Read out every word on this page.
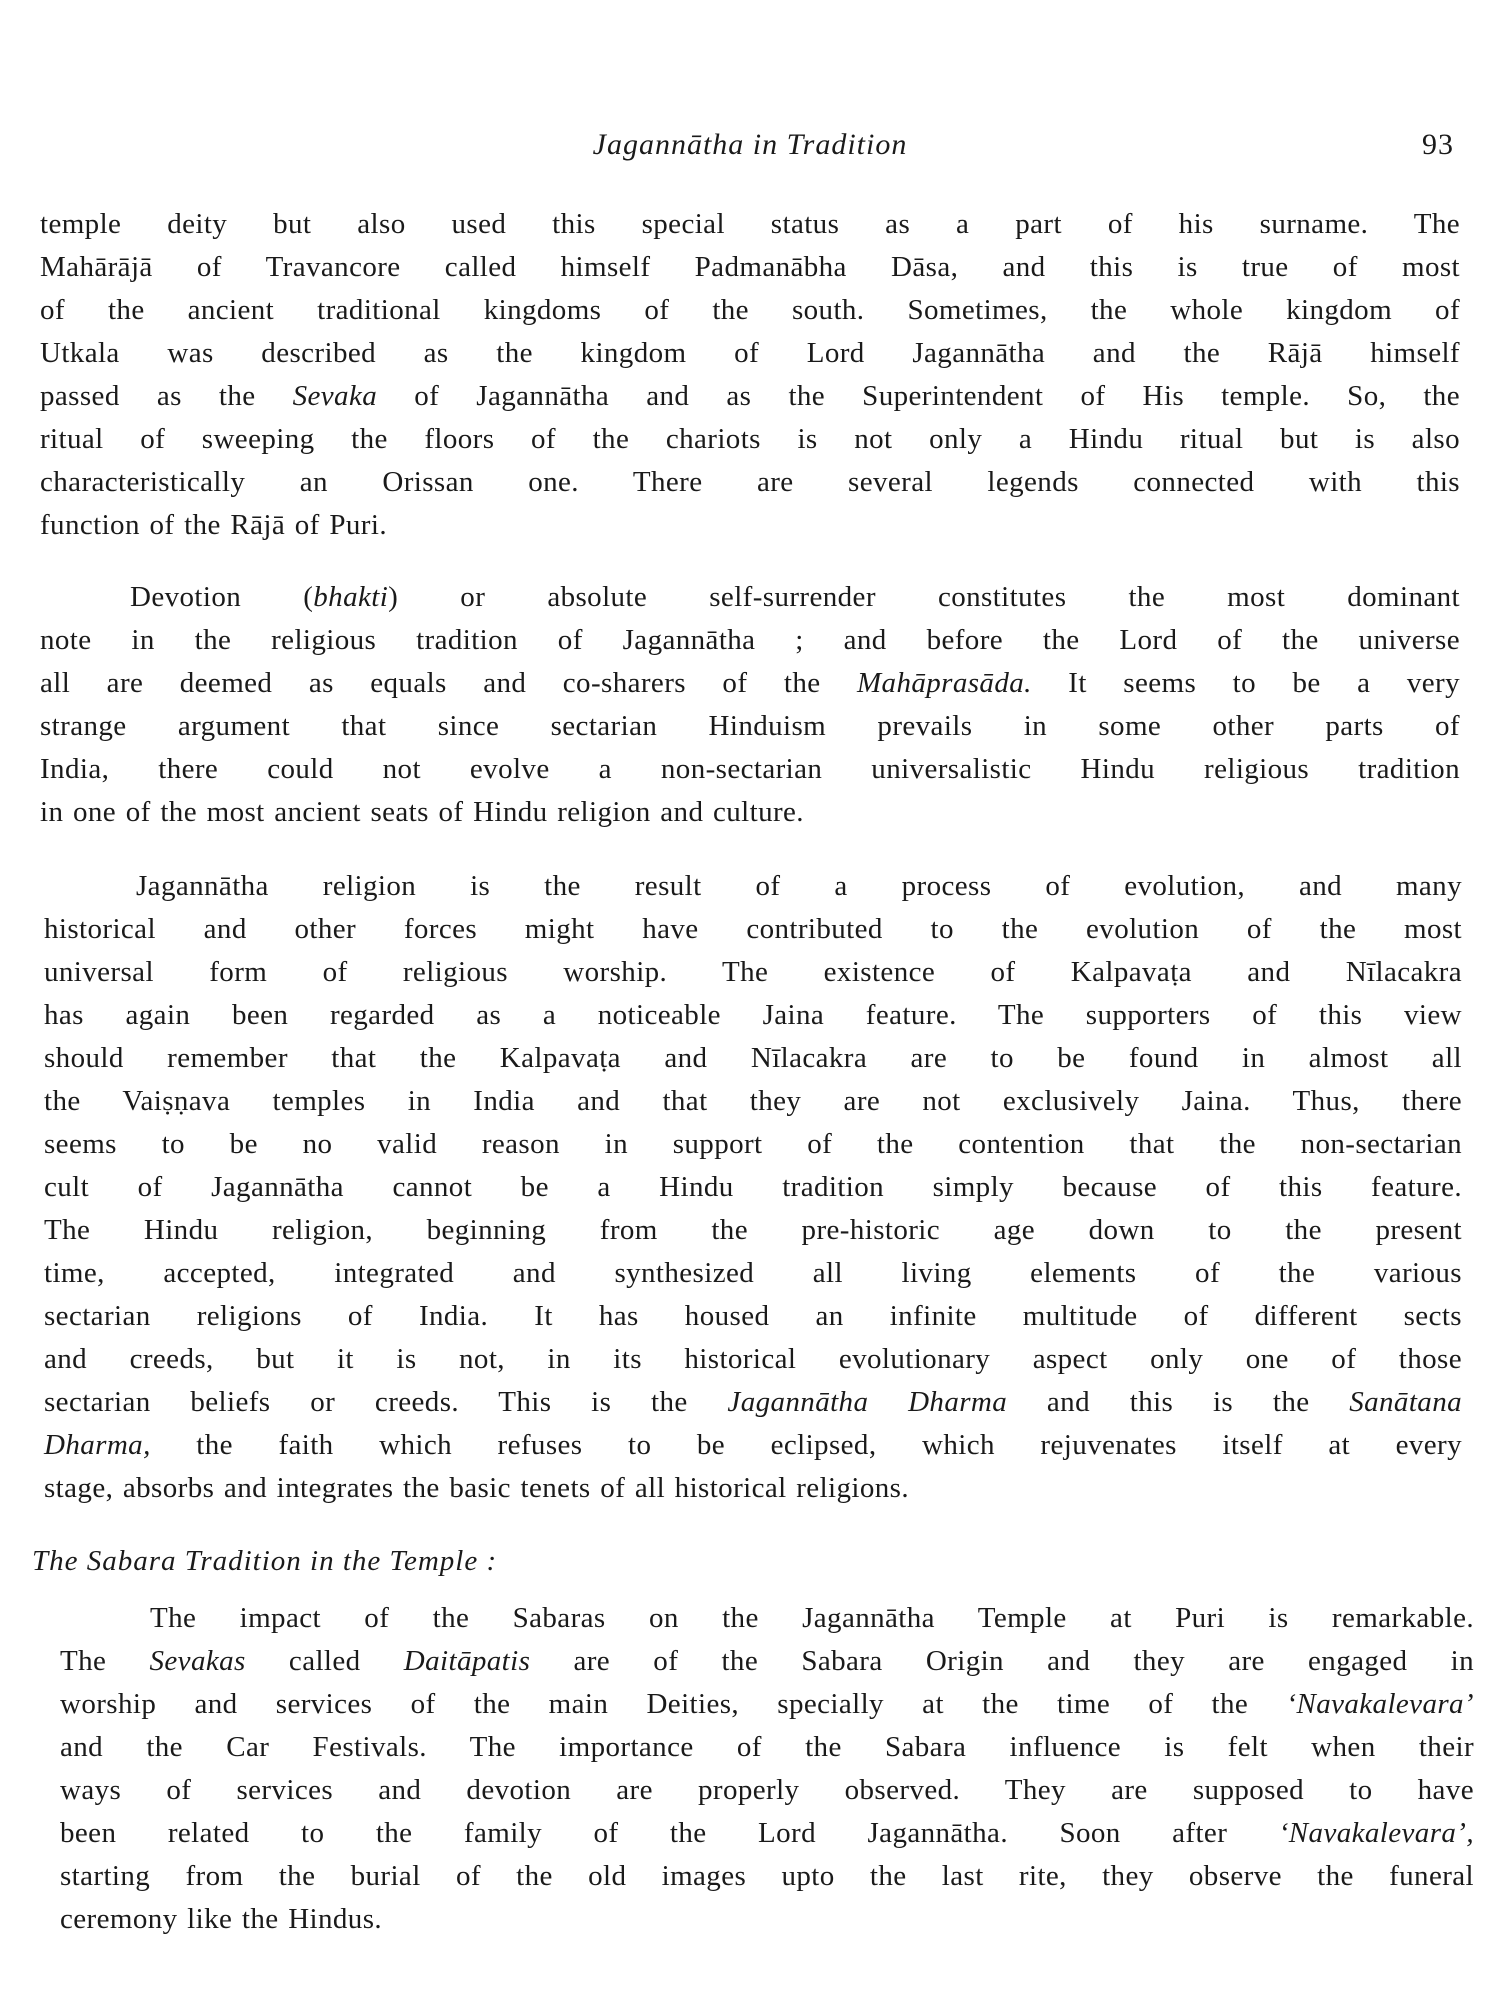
Jagannātha in Tradition	93
temple deity but also used this special status as a part of his surname. The
Mahārājā of Travancore called himself Padmanābha Dāsa, and this is true of most
of the ancient traditional kingdoms of the south. Sometimes, the whole kingdom of
Utkala was described as the kingdom of Lord Jagannātha and the Rājā himself
passed as the Sevaka of Jagannātha and as the Superintendent of His temple. So, the
ritual of sweeping the floors of the chariots is not only a Hindu ritual but is also
characteristically an Orissan one. There are several legends connected with this
function of the Rājā of Puri.
Devotion (bhakti) or absolute self-surrender constitutes the most dominant
note in the religious tradition of Jagannātha ; and before the Lord of the universe
all are deemed as equals and co-sharers of the Mahāprasāda. It seems to be a very
strange argument that since sectarian Hinduism prevails in some other parts of
India, there could not evolve a non-sectarian universalistic Hindu religious tradition
in one of the most ancient seats of Hindu religion and culture.
Jagannātha religion is the result of a process of evolution, and many
historical and other forces might have contributed to the evolution of the most
universal form of religious worship. The existence of Kalpavaṭa and Nīlacakra
has again been regarded as a noticeable Jaina feature. The supporters of this view
should remember that the Kalpavaṭa and Nīlacakra are to be found in almost all
the Vaiṣṇava temples in India and that they are not exclusively Jaina. Thus, there
seems to be no valid reason in support of the contention that the non-sectarian
cult of Jagannātha cannot be a Hindu tradition simply because of this feature.
The Hindu religion, beginning from the pre-historic age down to the present
time, accepted, integrated and synthesized all living elements of the various
sectarian religions of India. It has housed an infinite multitude of different sects
and creeds, but it is not, in its historical evolutionary aspect only one of those
sectarian beliefs or creeds. This is the Jagannātha Dharma and this is the Sanātana
Dharma, the faith which refuses to be eclipsed, which rejuvenates itself at every
stage, absorbs and integrates the basic tenets of all historical religions.
The Sabara Tradition in the Temple :
The impact of the Sabaras on the Jagannātha Temple at Puri is remarkable.
The Sevakas called Daitāpatis are of the Sabara Origin and they are engaged in
worship and services of the main Deities, specially at the time of the ‘Navakalevara’
and the Car Festivals. The importance of the Sabara influence is felt when their
ways of services and devotion are properly observed. They are supposed to have
been related to the family of the Lord Jagannātha. Soon after ‘Navakalevara’,
starting from the burial of the old images upto the last rite, they observe the funeral
ceremony like the Hindus.
